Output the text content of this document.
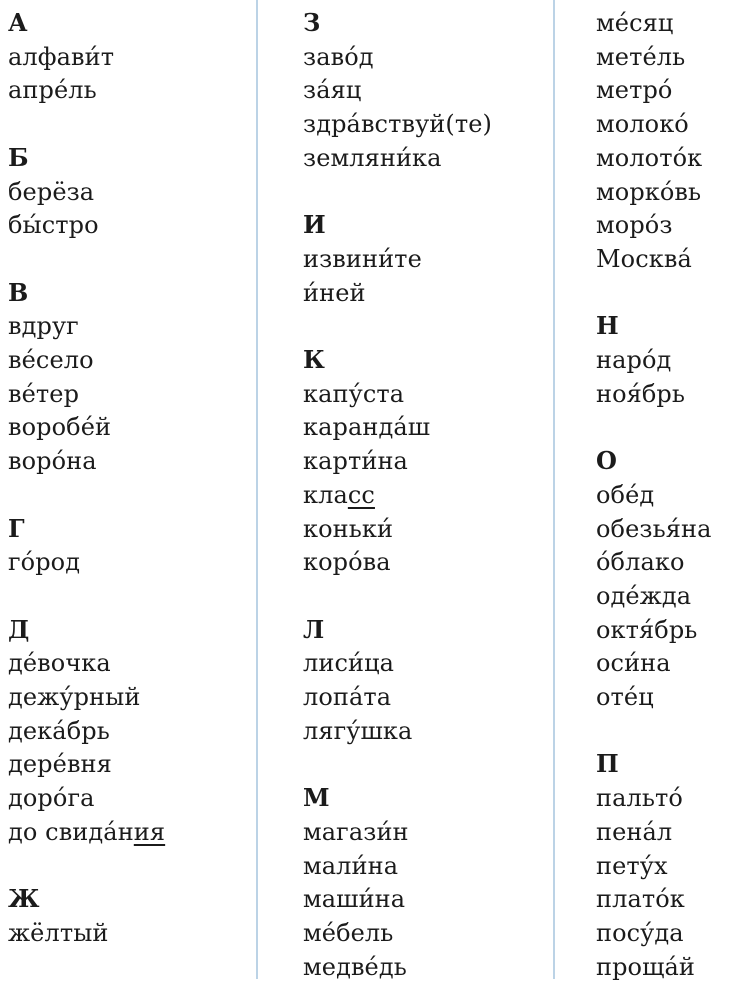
А
алфави́т
апре́ль
Б
берёза
бы́стро
В
вдруг
ве́село
ве́тер
воробе́й
воро́на
Г
го́род
Д
де́вочка
дежу́рный
дека́брь
дере́вня
доро́га
до свида́ния
Ж
жёлтый
З
заво́д
за́яц
здра́вствуй(те)
земляни́ка
И
извини́те
и́ней
К
капу́ста
каранда́ш
карти́на
класс
коньки́
коро́ва
Л
лиси́ца
лопа́та
лягу́шка
М
магази́н
мали́на
маши́на
ме́бель
медве́дь
ме́сяц
мете́ль
метро́
молоко́
молото́к
морко́вь
моро́з
Москва́
Н
наро́д
ноя́брь
О
обе́д
обезья́на
о́блако
оде́жда
октя́брь
оси́на
оте́ц
П
пальто́
пена́л
пету́х
плато́к
посу́да
проща́й
